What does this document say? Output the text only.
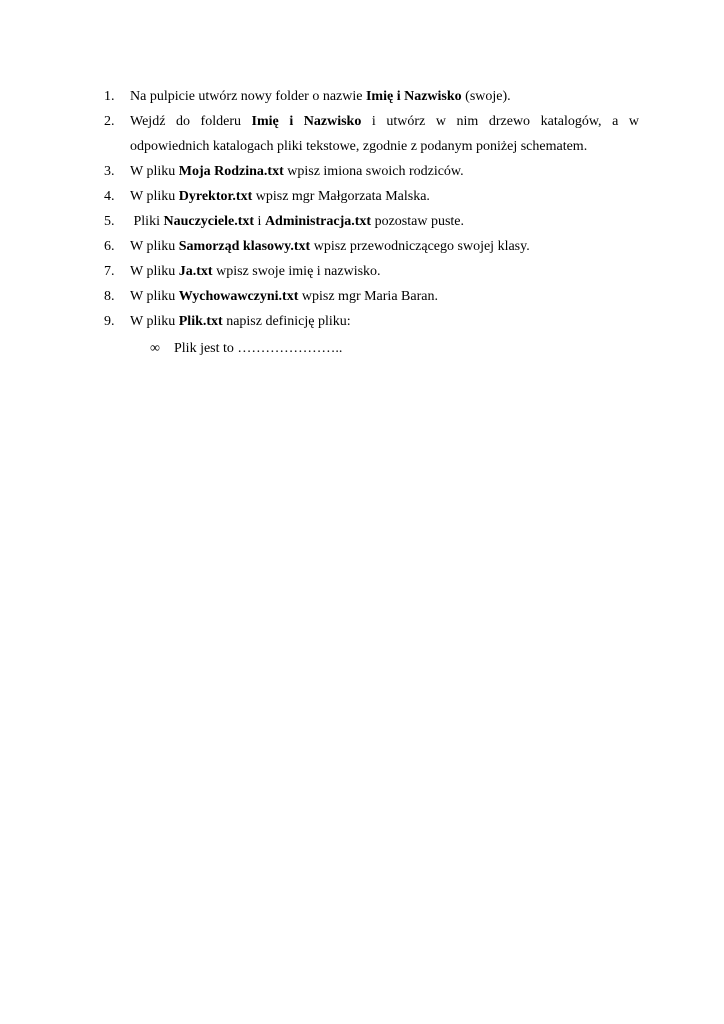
1. Na pulpicie utwórz nowy folder o nazwie Imię i Nazwisko (swoje).
2. Wejdź do folderu Imię i Nazwisko i utwórz w nim drzewo katalogów, a w
odpowiednich katalogach pliki tekstowe, zgodnie z podanym poniżej schematem.
3. W pliku Moja Rodzina.txt wpisz imiona swoich rodziców.
4. W pliku Dyrektor.txt wpisz mgr Małgorzata Malska.
5. Pliki Nauczyciele.txt i Administracja.txt pozostaw puste.
6. W pliku Samorząd klasowy.txt wpisz przewodniczącego swojej klasy.
7. W pliku Ja.txt wpisz swoje imię i nazwisko.
8. W pliku Wychowawczyni.txt wpisz mgr Maria Baran.
9. W pliku Plik.txt napisz definicję pliku:
∞ Plik jest to …………………..
